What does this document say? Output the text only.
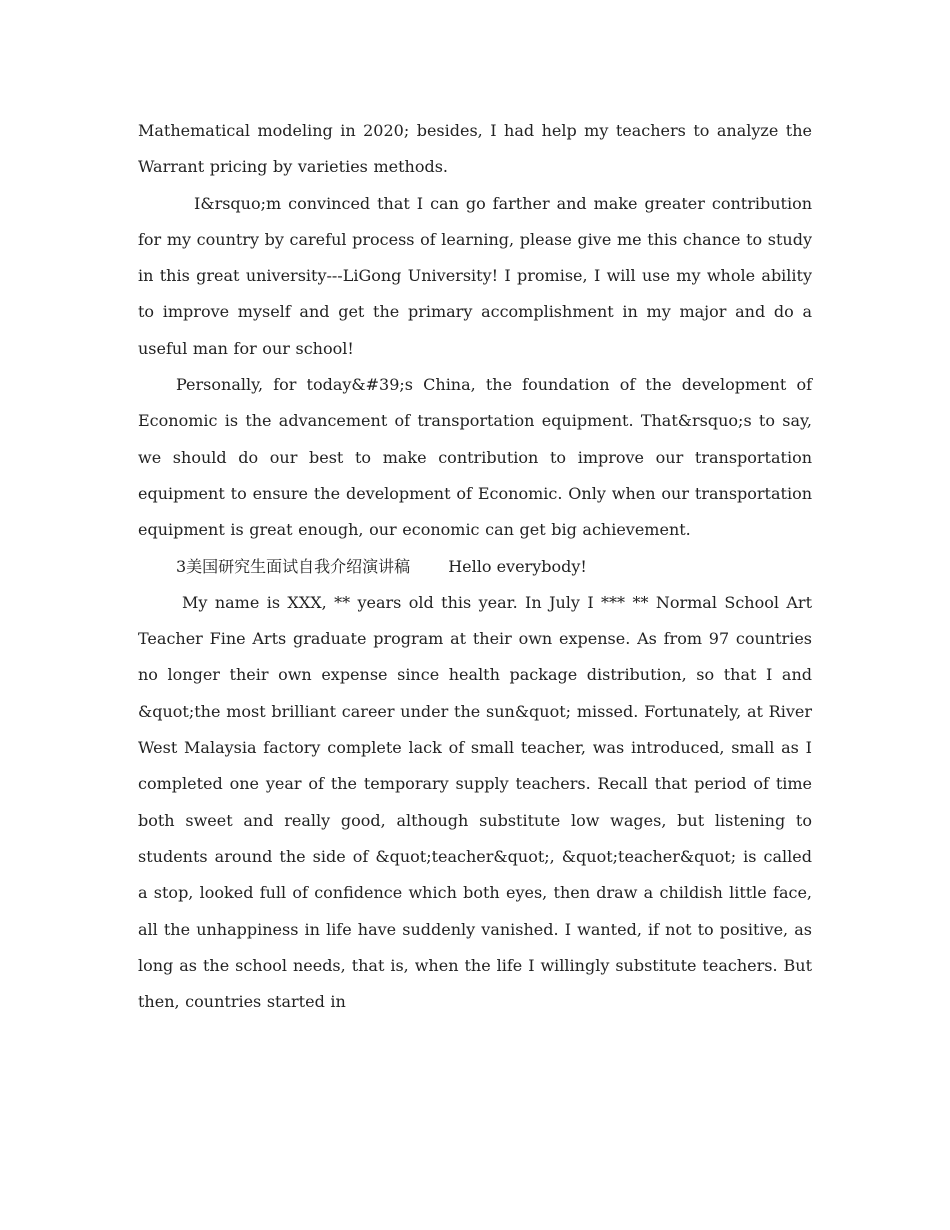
Mathematical modeling in 2020; besides, I had help my teachers to analyze the Warrant pricing by varieties methods.

I&rsquo;m convinced that I can go farther and make greater contribution for my country by careful process of learning, please give me this chance to study in this great university---LiGong University! I promise, I will use my whole ability to improve myself and get the primary accomplishment in my major and do a useful man for our school!

Personally, for today&#39;s China, the foundation of the development of Economic is the advancement of transportation equipment. That&rsquo;s to say, we should do our best to make contribution to improve our transportation equipment to ensure the development of Economic. Only when our transportation equipment is great enough, our economic can get big achievement.

3美国研究生面试自我介绍演讲稿 Hello everybody!

My name is XXX, ** years old this year. In July I *** ** Normal School Art Teacher Fine Arts graduate program at their own expense. As from 97 countries no longer their own expense since health package distribution, so that I and &quot;the most brilliant career under the sun&quot; missed. Fortunately, at River West Malaysia factory complete lack of small teacher, was introduced, small as I completed one year of the temporary supply teachers. Recall that period of time both sweet and really good, although substitute low wages, but listening to students around the side of &quot;teacher&quot;, &quot;teacher&quot; is called a stop, looked full of confidence which both eyes, then draw a childish little face, all the unhappiness in life have suddenly vanished. I wanted, if not to positive, as long as the school needs, that is, when the life I willingly substitute teachers. But then, countries started in
